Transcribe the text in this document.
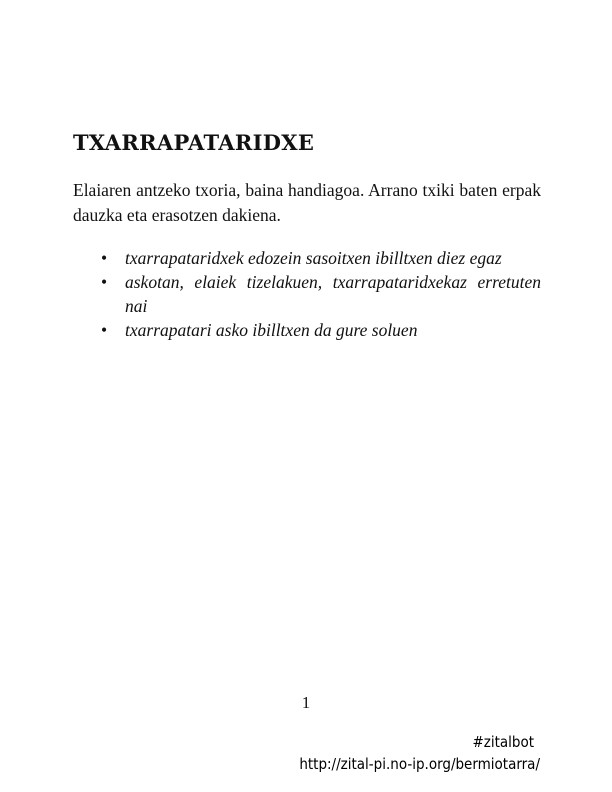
TXARRAPATARIDXE

Elaiaren antzeko txoria, baina handiagoa. Arrano txiki baten erpak dauzka eta erasotzen dakiena.

• txarrapataridxek edozein sasoitxen ibilltxen diez egaz
• askotan, elaiek tizelakuen, txarrapataridxekaz erretuten nai
• txarrapatari asko ibilltxen da gure soluen
1
#zitalbot
http://zital-pi.no-ip.org/bermiotarra/
